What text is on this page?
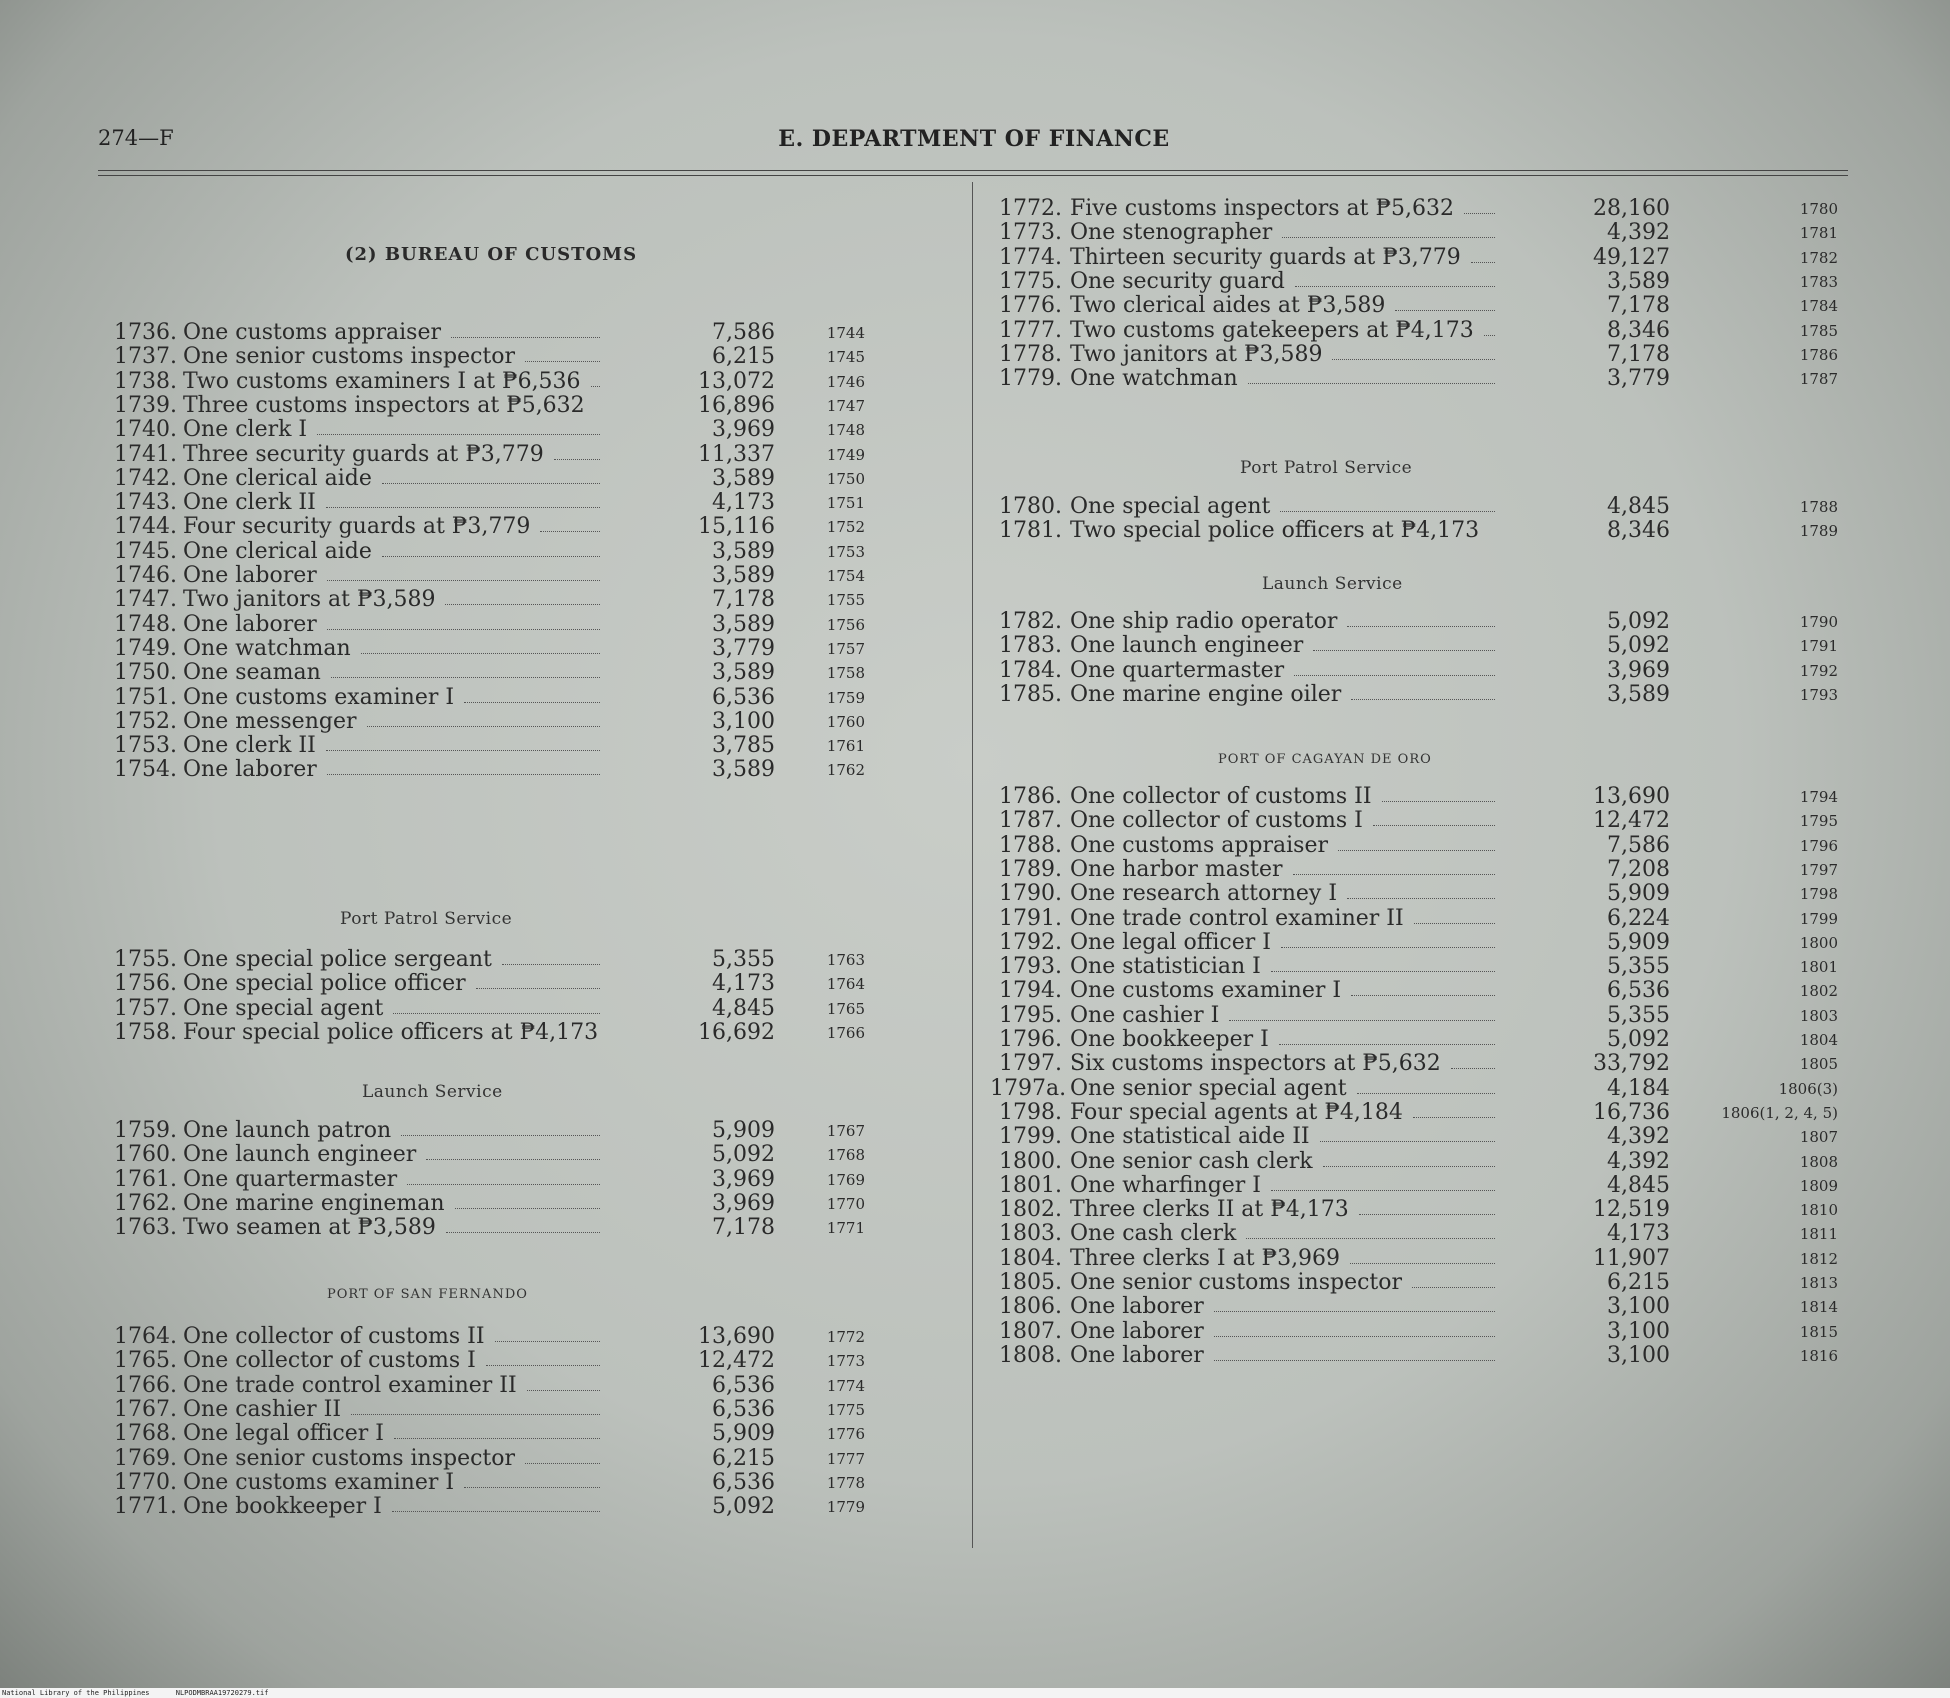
274—F	E. DEPARTMENT OF FINANCE
(2) BUREAU OF CUSTOMS
Port Patrol Service
Launch Service
PORT OF SAN FERNANDO
1736. One customs appraiser	7,586	1744
1737. One senior customs inspector	6,215	1745
1738. Two customs examiners I at ₱6,536	13,072	1746
1739. Three customs inspectors at ₱5,632	16,896	1747
1740. One clerk I	3,969	1748
1741. Three security guards at ₱3,779	11,337	1749
1742. One clerical aide	3,589	1750
1743. One clerk II	4,173	1751
1744. Four security guards at ₱3,779	15,116	1752
1745. One clerical aide	3,589	1753
1746. One laborer	3,589	1754
1747. Two janitors at ₱3,589	7,178	1755
1748. One laborer	3,589	1756
1749. One watchman	3,779	1757
1750. One seaman	3,589	1758
1751. One customs examiner I	6,536	1759
1752. One messenger	3,100	1760
1753. One clerk II	3,785	1761
1754. One laborer	3,589	1762
1755. One special police sergeant	5,355	1763
1756. One special police officer	4,173	1764
1757. One special agent	4,845	1765
1758. Four special police officers at ₱4,173	16,692	1766
1759. One launch patron	5,909	1767
1760. One launch engineer	5,092	1768
1761. One quartermaster	3,969	1769
1762. One marine engineman	3,969	1770
1763. Two seamen at ₱3,589	7,178	1771
1764. One collector of customs II	13,690	1772
1765. One collector of customs I	12,472	1773
1766. One trade control examiner II	6,536	1774
1767. One cashier II	6,536	1775
1768. One legal officer I	5,909	1776
1769. One senior customs inspector	6,215	1777
1770. One customs examiner I	6,536	1778
1771. One bookkeeper I	5,092	1779
Port Patrol Service
Launch Service
PORT OF CAGAYAN DE ORO
1772. Five customs inspectors at ₱5,632	28,160	1780
1773. One stenographer	4,392	1781
1774. Thirteen security guards at ₱3,779	49,127	1782
1775. One security guard	3,589	1783
1776. Two clerical aides at ₱3,589	7,178	1784
1777. Two customs gatekeepers at ₱4,173	8,346	1785
1778. Two janitors at ₱3,589	7,178	1786
1779. One watchman	3,779	1787
1780. One special agent	4,845	1788
1781. Two special police officers at ₱4,173	8,346	1789
1782. One ship radio operator	5,092	1790
1783. One launch engineer	5,092	1791
1784. One quartermaster	3,969	1792
1785. One marine engine oiler	3,589	1793
1786. One collector of customs II	13,690	1794
1787. One collector of customs I	12,472	1795
1788. One customs appraiser	7,586	1796
1789. One harbor master	7,208	1797
1790. One research attorney I	5,909	1798
1791. One trade control examiner II	6,224	1799
1792. One legal officer I	5,909	1800
1793. One statistician I	5,355	1801
1794. One customs examiner I	6,536	1802
1795. One cashier I	5,355	1803
1796. One bookkeeper I	5,092	1804
1797. Six customs inspectors at ₱5,632	33,792	1805
1797a. One senior special agent	4,184	1806(3)
1798. Four special agents at ₱4,184	16,736	1806(1, 2, 4, 5)
1799. One statistical aide II	4,392	1807
1800. One senior cash clerk	4,392	1808
1801. One wharfinger I	4,845	1809
1802. Three clerks II at ₱4,173	12,519	1810
1803. One cash clerk	4,173	1811
1804. Three clerks I at ₱3,969	11,907	1812
1805. One senior customs inspector	6,215	1813
1806. One laborer	3,100	1814
1807. One laborer	3,100	1815
1808. One laborer	3,100	1816
National Library of the Philippines	NLPODMBRAA19720279.tif
